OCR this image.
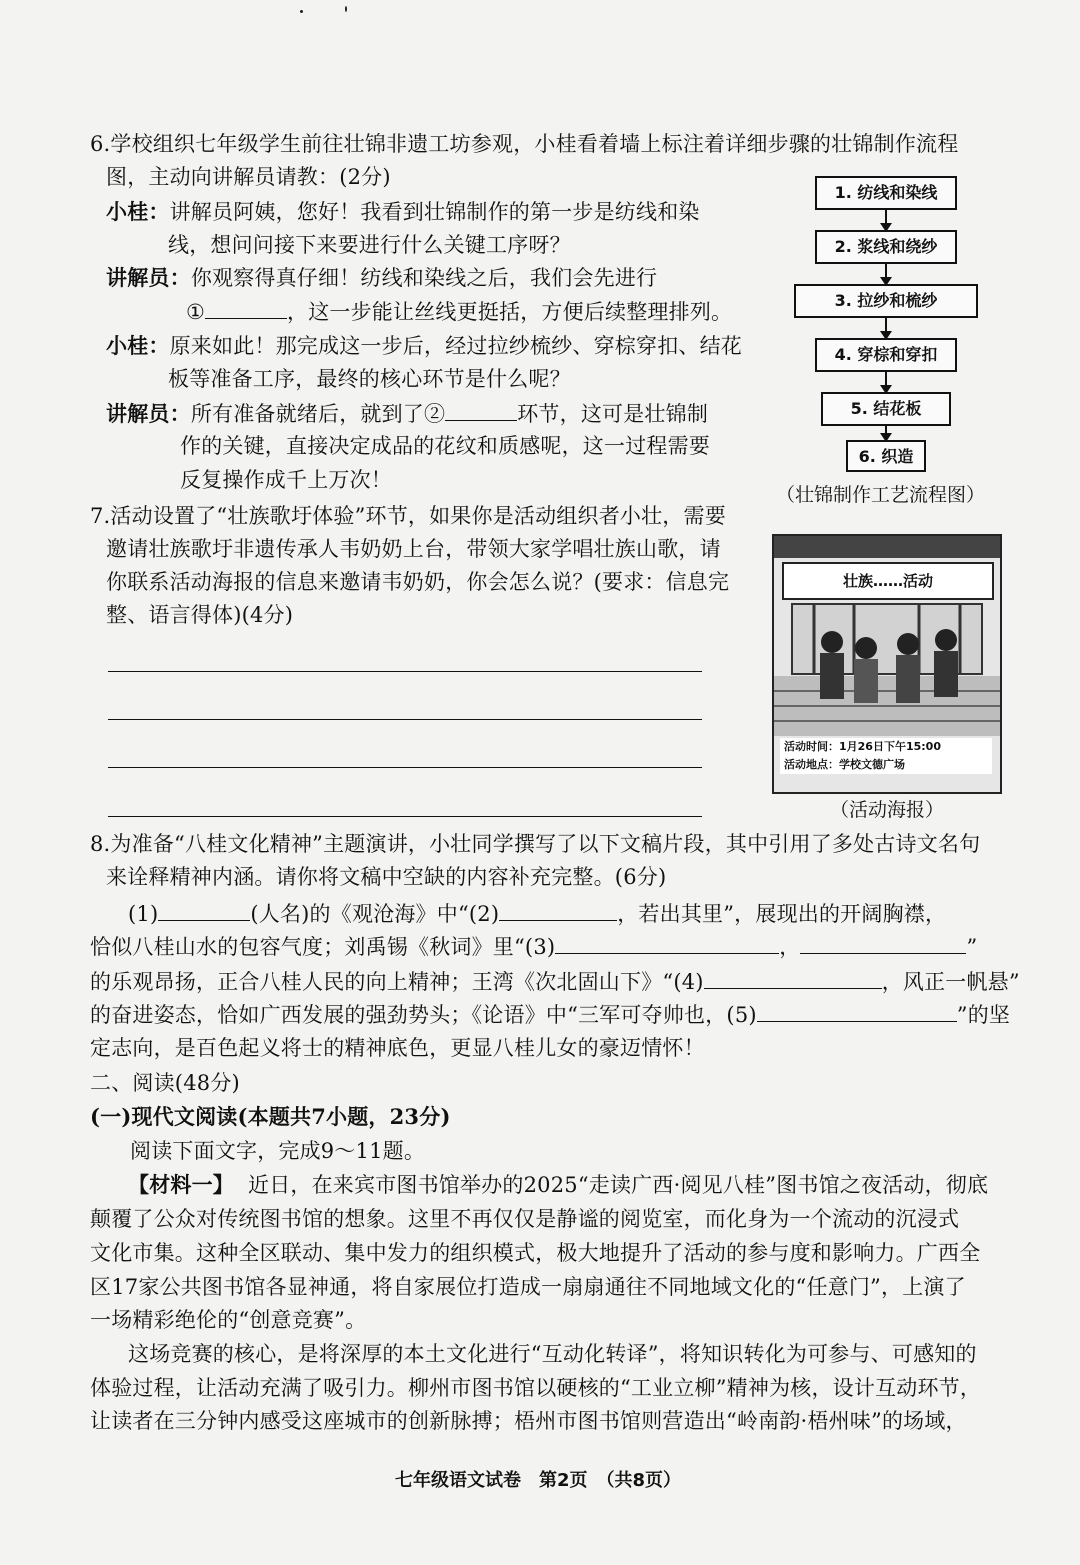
6.学校组织七年级学生前往壮锦非遗工坊参观，小桂看着墙上标注着详细步骤的壮锦制作流程
图，主动向讲解员请教：(2分)
小桂：讲解员阿姨，您好！我看到壮锦制作的第一步是纺线和染
线，想问问接下来要进行什么关键工序呀？
讲解员：你观察得真仔细！纺线和染线之后，我们会先进行
①	，这一步能让丝线更挺括，方便后续整理排列。
小桂：原来如此！那完成这一步后，经过拉纱梳纱、穿棕穿扣、结花
板等准备工序，最终的核心环节是什么呢？
讲解员：所有准备就绪后，就到了②	环节，这可是壮锦制
作的关键，直接决定成品的花纹和质感呢，这一过程需要
反复操作成千上万次！
1. 纺线和染线
2. 浆线和绕纱
3. 拉纱和梳纱
4. 穿棕和穿扣
5. 结花板
6. 织造
（壮锦制作工艺流程图）
7.活动设置了“壮族歌圩体验”环节，如果你是活动组织者小壮，需要
邀请壮族歌圩非遗传承人韦奶奶上台，带领大家学唱壮族山歌，请
你联系活动海报的信息来邀请韦奶奶，你会怎么说？(要求：信息完
整、语言得体)(4分)
壮族……活动
活动时间：1月26日下午15:00
活动地点：学校文德广场
（活动海报）
8.为准备“八桂文化精神”主题演讲，小壮同学撰写了以下文稿片段，其中引用了多处古诗文名句
来诠释精神内涵。请你将文稿中空缺的内容补充完整。(6分)
(1)	(人名)的《观沧海》中“(2)	，若出其里”，展现出的开阔胸襟，
恰似八桂山水的包容气度；刘禹锡《秋词》里“(3)	，	”
的乐观昂扬，正合八桂人民的向上精神；王湾《次北固山下》“(4)	，风正一帆悬”
的奋进姿态，恰如广西发展的强劲势头；《论语》中“三军可夺帅也，(5)	”的坚
定志向，是百色起义将士的精神底色，更显八桂儿女的豪迈情怀！
二、阅读(48分)
(一)现代文阅读(本题共7小题，23分)
阅读下面文字，完成9～11题。
【材料一】 近日，在来宾市图书馆举办的2025“走读广西·阅见八桂”图书馆之夜活动，彻底
颠覆了公众对传统图书馆的想象。这里不再仅仅是静谧的阅览室，而化身为一个流动的沉浸式
文化市集。这种全区联动、集中发力的组织模式，极大地提升了活动的参与度和影响力。广西全
区17家公共图书馆各显神通，将自家展位打造成一扇扇通往不同地域文化的“任意门”，上演了
一场精彩绝伦的“创意竞赛”。
这场竞赛的核心，是将深厚的本土文化进行“互动化转译”，将知识转化为可参与、可感知的
体验过程，让活动充满了吸引力。柳州市图书馆以硬核的“工业立柳”精神为核，设计互动环节，
让读者在三分钟内感受这座城市的创新脉搏；梧州市图书馆则营造出“岭南韵·梧州味”的场域，
七年级语文试卷　第2页　（共8页）
